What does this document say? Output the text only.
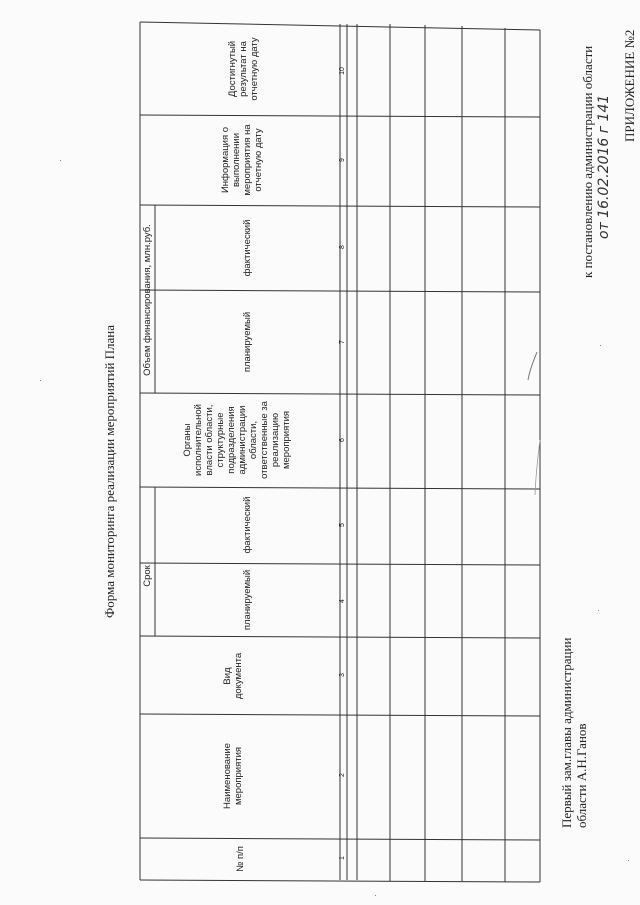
ПРИЛОЖЕНИЕ №2
к постановлению администрации области от 16.02.2016 г 141
Форма мониторинга реализации мероприятий Плана
№ п/п
Наименование мероприятия
Вид документа
Срок	планируемый
фактический
Органы исполнительной власти области, структурные подразделения администрации области, ответственные за реализацию мероприятия
Объем финансирования, млн.руб.	планируемый
фактический
Информация о выполнении мероприятия на отчетную дату
Достигнутый результат на отчетную дату
1
2
3
4
5
6
7
8
9
10
Первый зам.главы администрации области А.Н.Ганов
